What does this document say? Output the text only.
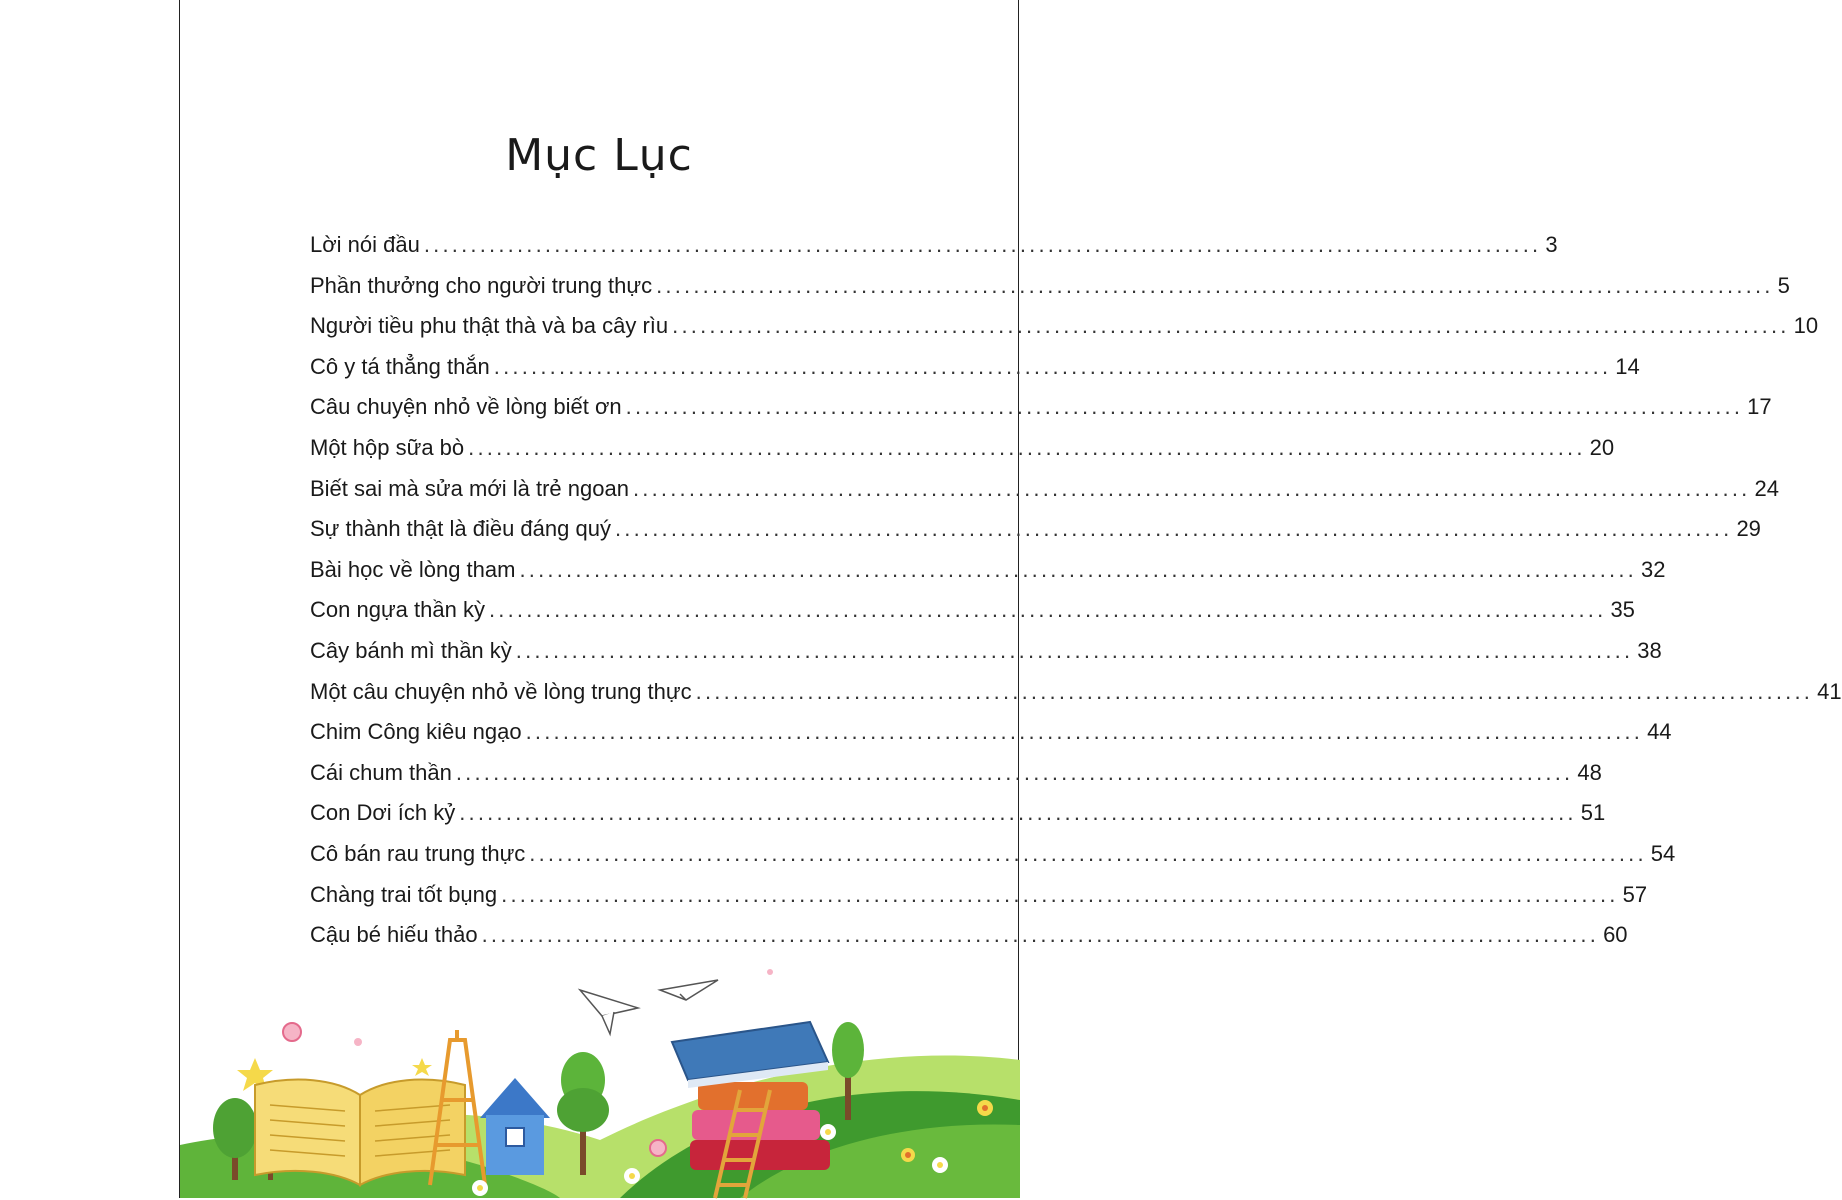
Mục Lục
Lời nói đầu ........................................................................................................................ 3
Phần thưởng cho người trung thực ........................................................................................................................ 5
Người tiều phu thật thà và ba cây rìu ........................................................................................................................ 10
Cô y tá thẳng thắn ........................................................................................................................ 14
Câu chuyện nhỏ về lòng biết ơn ........................................................................................................................ 17
Một hộp sữa bò ........................................................................................................................ 20
Biết sai mà sửa mới là trẻ ngoan ........................................................................................................................ 24
Sự thành thật là điều đáng quý ........................................................................................................................ 29
Bài học về lòng tham ........................................................................................................................ 32
Con ngựa thần kỳ ........................................................................................................................ 35
Cây bánh mì thần kỳ ........................................................................................................................ 38
Một câu chuyện nhỏ về lòng trung thực ........................................................................................................................ 41
Chim Công kiêu ngạo ........................................................................................................................ 44
Cái chum thần ........................................................................................................................ 48
Con Dơi ích kỷ ........................................................................................................................ 51
Cô bán rau trung thực ........................................................................................................................ 54
Chàng trai tốt bụng ........................................................................................................................ 57
Cậu bé hiếu thảo ........................................................................................................................ 60
